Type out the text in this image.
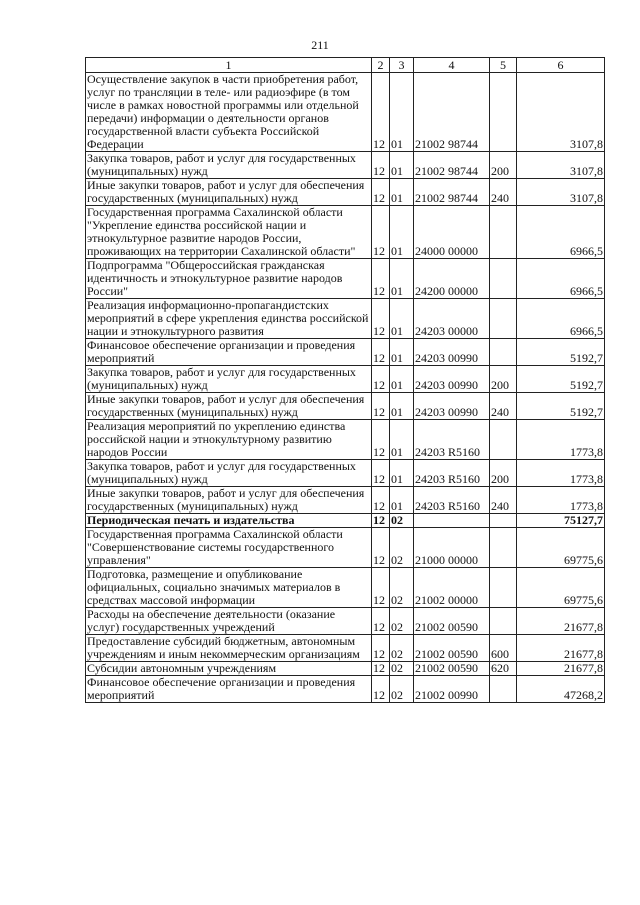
211
1	2	3	4	5	6
Осуществление закупок в части приобретения работ, услуг по трансляции в теле- или радиоэфире (в том числе в рамках новостной программы или отдельной передачи) информации о деятельности органов государственной власти субъекта Российской Федерации	12	01	21002 98744		3107,8
Закупка товаров, работ и услуг для государственных (муниципальных) нужд	12	01	21002 98744	200	3107,8
Иные закупки товаров, работ и услуг для обеспечения государственных (муниципальных) нужд	12	01	21002 98744	240	3107,8
Государственная программа Сахалинской области "Укрепление единства российской нации и этнокультурное развитие народов России, проживающих на территории Сахалинской области"	12	01	24000 00000		6966,5
Подпрограмма "Общероссийская гражданская идентичность и этнокультурное развитие народов России"	12	01	24200 00000		6966,5
Реализация информационно-пропагандистских мероприятий в сфере укрепления единства российской нации и этнокультурного развития	12	01	24203 00000		6966,5
Финансовое обеспечение организации и проведения мероприятий	12	01	24203 00990		5192,7
Закупка товаров, работ и услуг для государственных (муниципальных) нужд	12	01	24203 00990	200	5192,7
Иные закупки товаров, работ и услуг для обеспечения государственных (муниципальных) нужд	12	01	24203 00990	240	5192,7
Реализация мероприятий по укреплению единства российской нации и этнокультурному развитию народов России	12	01	24203 R5160		1773,8
Закупка товаров, работ и услуг для государственных (муниципальных) нужд	12	01	24203 R5160	200	1773,8
Иные закупки товаров, работ и услуг для обеспечения государственных (муниципальных) нужд	12	01	24203 R5160	240	1773,8
Периодическая печать и издательства	12	02			75127,7
Государственная программа Сахалинской области "Совершенствование системы государственного управления"	12	02	21000 00000		69775,6
Подготовка, размещение и опубликование официальных, социально значимых материалов в средствах массовой информации	12	02	21002 00000		69775,6
Расходы на обеспечение деятельности (оказание услуг) государственных учреждений	12	02	21002 00590		21677,8
Предоставление субсидий бюджетным, автономным учреждениям и иным некоммерческим организациям	12	02	21002 00590	600	21677,8
Субсидии автономным учреждениям	12	02	21002 00590	620	21677,8
Финансовое обеспечение организации и проведения мероприятий	12	02	21002 00990		47268,2
